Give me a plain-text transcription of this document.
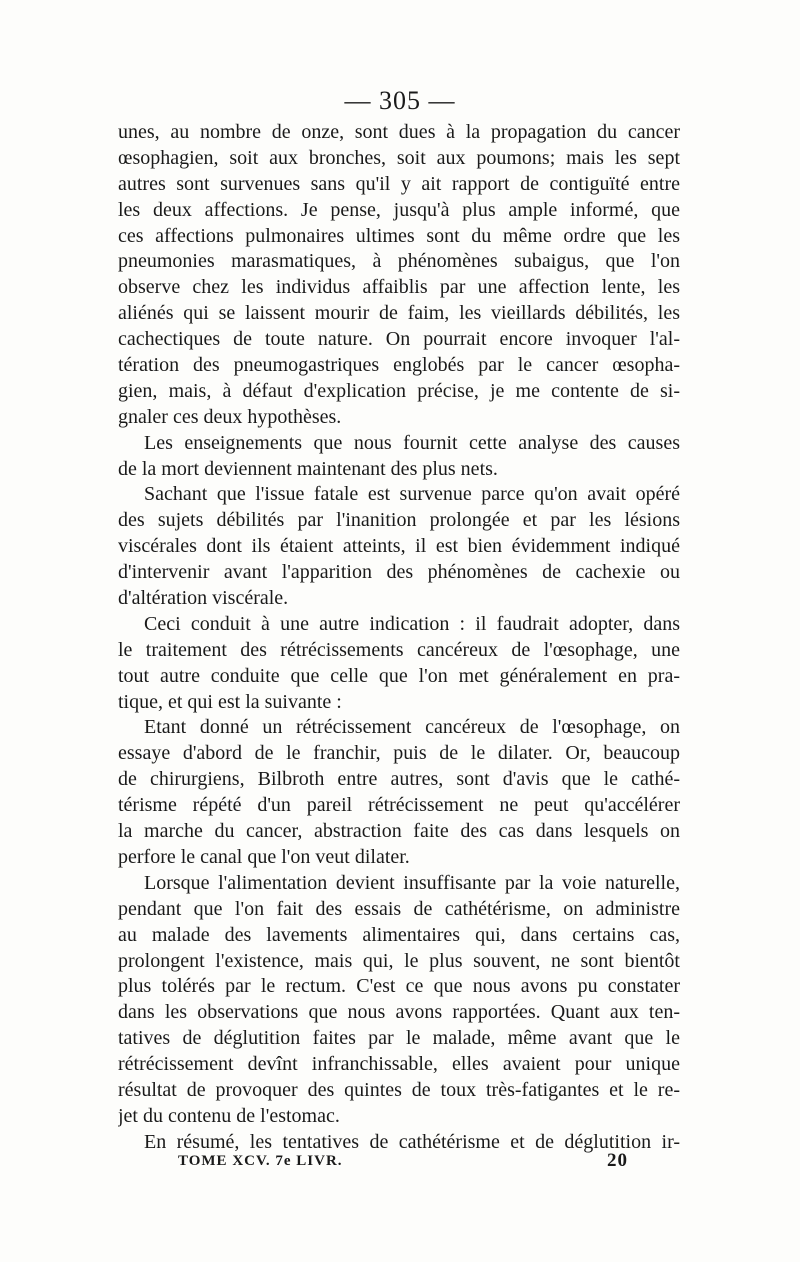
— 305 —
unes, au nombre de onze, sont dues à la propagation du cancer
œsophagien, soit aux bronches, soit aux poumons; mais les sept
autres sont survenues sans qu'il y ait rapport de contiguïté entre
les deux affections. Je pense, jusqu'à plus ample informé, que
ces affections pulmonaires ultimes sont du même ordre que les
pneumonies marasmatiques, à phénomènes subaigus, que l'on
observe chez les individus affaiblis par une affection lente, les
aliénés qui se laissent mourir de faim, les vieillards débilités, les
cachectiques de toute nature. On pourrait encore invoquer l'al-
tération des pneumogastriques englobés par le cancer œsopha-
gien, mais, à défaut d'explication précise, je me contente de si-
gnaler ces deux hypothèses.
Les enseignements que nous fournit cette analyse des causes
de la mort deviennent maintenant des plus nets.
Sachant que l'issue fatale est survenue parce qu'on avait opéré
des sujets débilités par l'inanition prolongée et par les lésions
viscérales dont ils étaient atteints, il est bien évidemment indiqué
d'intervenir avant l'apparition des phénomènes de cachexie ou
d'altération viscérale.
Ceci conduit à une autre indication : il faudrait adopter, dans
le traitement des rétrécissements cancéreux de l'œsophage, une
tout autre conduite que celle que l'on met généralement en pra-
tique, et qui est la suivante :
Etant donné un rétrécissement cancéreux de l'œsophage, on
essaye d'abord de le franchir, puis de le dilater. Or, beaucoup
de chirurgiens, Bilbroth entre autres, sont d'avis que le cathé-
térisme répété d'un pareil rétrécissement ne peut qu'accélérer
la marche du cancer, abstraction faite des cas dans lesquels on
perfore le canal que l'on veut dilater.
Lorsque l'alimentation devient insuffisante par la voie naturelle,
pendant que l'on fait des essais de cathétérisme, on administre
au malade des lavements alimentaires qui, dans certains cas,
prolongent l'existence, mais qui, le plus souvent, ne sont bientôt
plus tolérés par le rectum. C'est ce que nous avons pu constater
dans les observations que nous avons rapportées. Quant aux ten-
tatives de déglutition faites par le malade, même avant que le
rétrécissement devînt infranchissable, elles avaient pour unique
résultat de provoquer des quintes de toux très-fatigantes et le re-
jet du contenu de l'estomac.
En résumé, les tentatives de cathétérisme et de déglutition ir-
TOME XCV. 7e LIVR.	20
